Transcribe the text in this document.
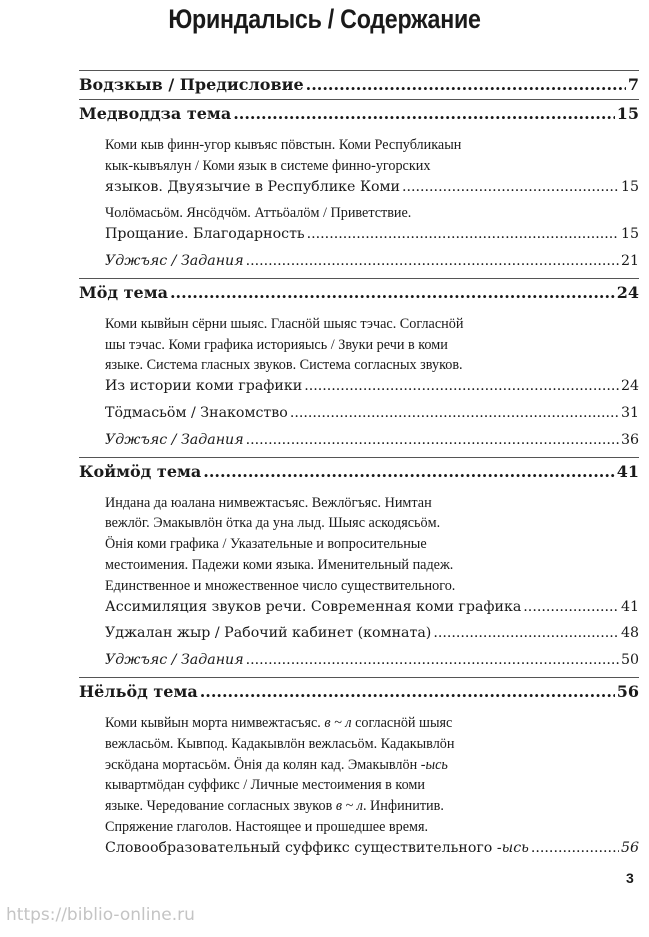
Юриндалысь / Содержание
Водзкыв / Предисловие .....	7
Медводдза тема .....	15
Коми кыв финн-угор кывъяс пӧвстын. Коми Республикаын
кык-кывъялун / Коми язык в системе финно-угорских
языков. Двуязычие в Республике Коми .....	15
Чолӧмасьӧм. Янсӧдчӧм. Аттьӧалӧм / Приветствие.
Прощание. Благодарность .....	15
Уджъяс / Задания .....	21
Мӧд тема .....	24
Коми кывйын сёрни шыяс. Гласнӧй шыяс тэчас. Согласнӧй
шы тэчас. Коми графика историяысь / Звуки речи в коми
языке. Система гласных звуков. Система согласных звуков.
Из истории коми графики .....	24
Тӧдмасьӧм / Знакомство .....	31
Уджъяс / Задания .....	36
Коймӧд тема .....	41
Индана да юалана нимвежтасъяс. Вежлӧгъяс. Нимтан
вежлӧг. Эмакывлӧн ӧтка да уна лыд. Шыяс аскодясьӧм.
Ӧнія коми графика / Указательные и вопросительные
местоимения. Падежи коми языка. Именительный падеж.
Единственное и множественное число существительного.
Ассимиляция звуков речи. Современная коми графика .....	41
Уджалан жыр / Рабочий кабинет (комната) .....	48
Уджъяс / Задания .....	50
Нёльӧд тема .....	56
Коми кывйын морта нимвежтасъяс. в ~ л согласнӧй шыяс
вежласьӧм. Кывпод. Кадакывлӧн вежласьӧм. Кадакывлӧн
эскӧдана мортасьӧм. Ӧнія да колян кад. Эмакывлӧн -ысь
кывартмӧдан суффикс / Личные местоимения в коми
языке. Чередование согласных звуков в ~ л. Инфинитив.
Спряжение глаголов. Настоящее и прошедшее время.
Словообразовательный суффикс существительного -ысь .....	56
3
https://biblio-online.ru
